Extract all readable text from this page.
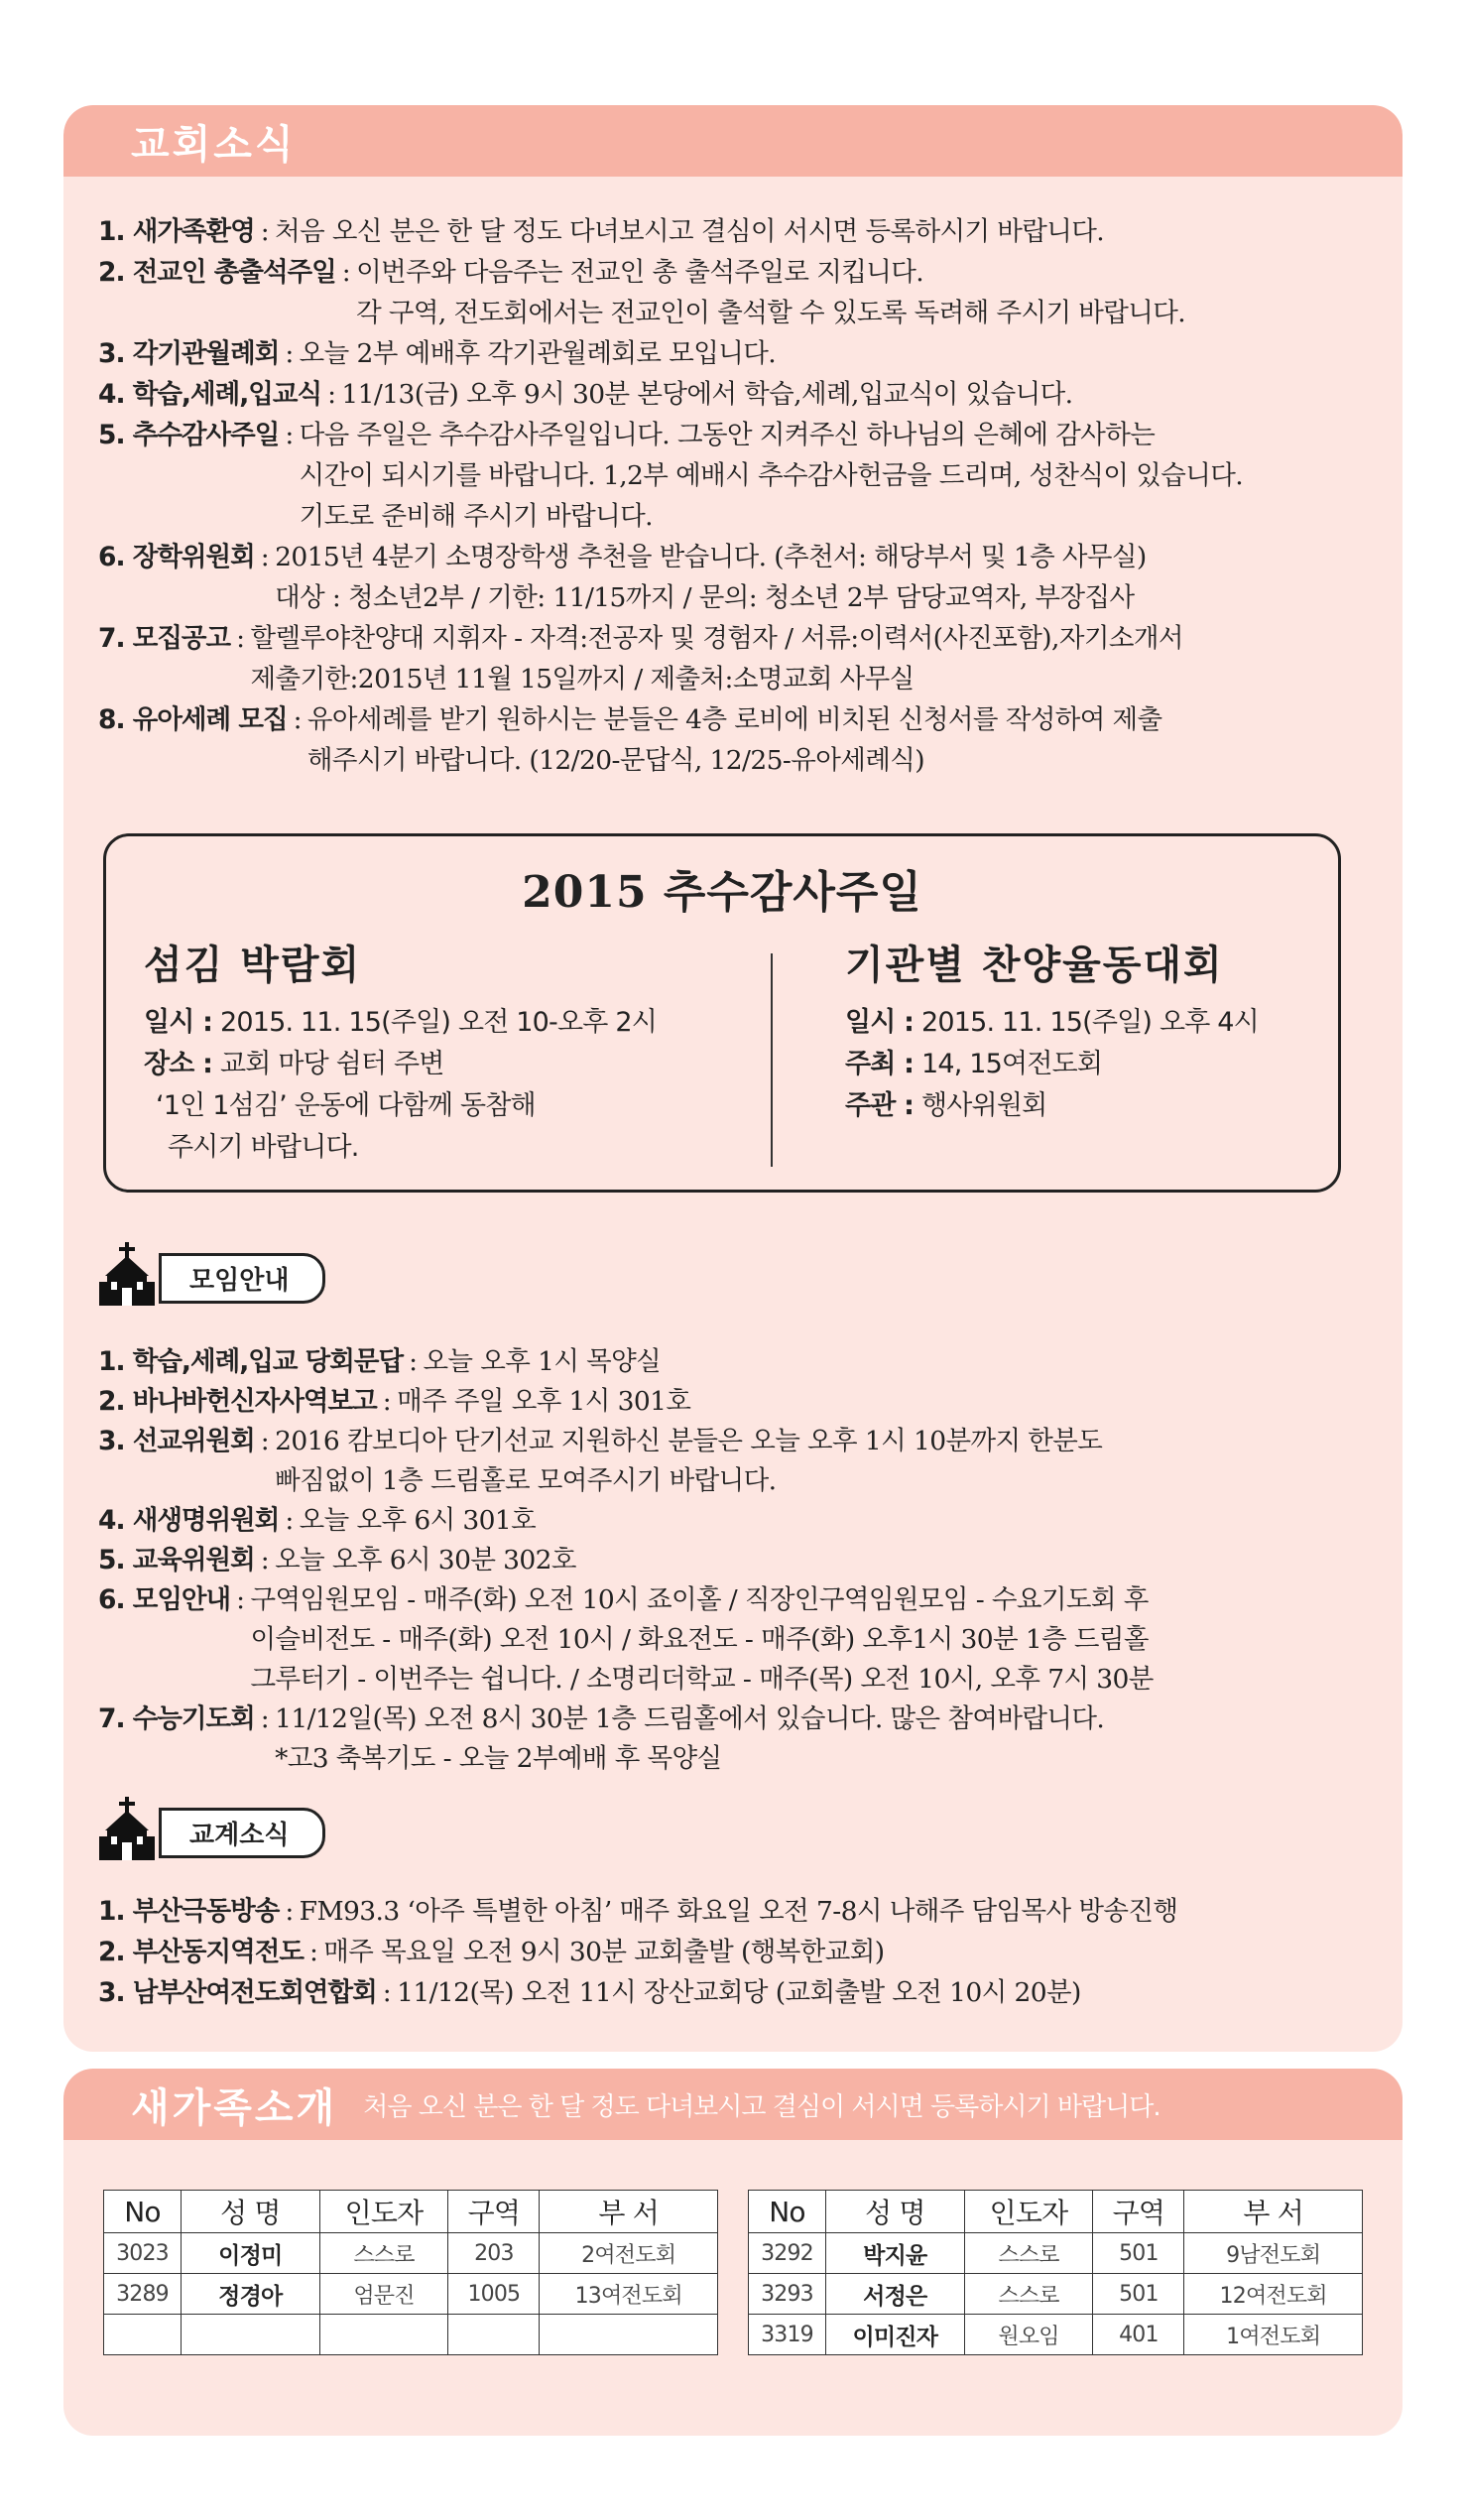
교회소식
1. 새가족환영 : 처음 오신 분은 한 달 정도 다녀보시고 결심이 서시면 등록하시기 바랍니다.
2. 전교인 총출석주일 : 이번주와 다음주는 전교인 총 출석주일로 지킵니다.
각 구역, 전도회에서는 전교인이 출석할 수 있도록 독려해 주시기 바랍니다.
3. 각기관월례회 : 오늘 2부 예배후 각기관월례회로 모입니다.
4. 학습,세례,입교식 : 11/13(금) 오후 9시 30분 본당에서 학습,세례,입교식이 있습니다.
5. 추수감사주일 : 다음 주일은 추수감사주일입니다. 그동안 지켜주신 하나님의 은혜에 감사하는
시간이 되시기를 바랍니다. 1,2부 예배시 추수감사헌금을 드리며, 성찬식이 있습니다.
기도로 준비해 주시기 바랍니다.
6. 장학위원회 : 2015년 4분기 소명장학생 추천을 받습니다. (추천서: 해당부서 및 1층 사무실)
대상 : 청소년2부 / 기한: 11/15까지 / 문의: 청소년 2부 담당교역자, 부장집사
7. 모집공고 : 할렐루야찬양대 지휘자 - 자격:전공자 및 경험자 / 서류:이력서(사진포함),자기소개서
제출기한:2015년 11월 15일까지 / 제출처:소명교회 사무실
8. 유아세례 모집 : 유아세례를 받기 원하시는 분들은 4층 로비에 비치된 신청서를 작성하여 제출
해주시기 바랍니다. (12/20-문답식, 12/25-유아세례식)
2015 추수감사주일
섬김 박람회
일시 : 2015. 11. 15(주일) 오전 10-오후 2시
장소 : 교회 마당 쉼터 주변
‘1인 1섬김’ 운동에 다함께 동참해
주시기 바랍니다.
기관별 찬양율동대회
일시 : 2015. 11. 15(주일) 오후 4시
주최 : 14, 15여전도회
주관 : 행사위원회
모임안내
1. 학습,세례,입교 당회문답 : 오늘 오후 1시 목양실
2. 바나바헌신자사역보고 : 매주 주일 오후 1시 301호
3. 선교위원회 : 2016 캄보디아 단기선교 지원하신 분들은 오늘 오후 1시 10분까지 한분도
빠짐없이 1층 드림홀로 모여주시기 바랍니다.
4. 새생명위원회 : 오늘 오후 6시 301호
5. 교육위원회 : 오늘 오후 6시 30분 302호
6. 모임안내 : 구역임원모임 - 매주(화) 오전 10시 죠이홀 / 직장인구역임원모임 - 수요기도회 후
이슬비전도 - 매주(화) 오전 10시 / 화요전도 - 매주(화) 오후1시 30분 1층 드림홀
그루터기 - 이번주는 쉽니다. / 소명리더학교 - 매주(목) 오전 10시, 오후 7시 30분
7. 수능기도회 : 11/12일(목) 오전 8시 30분 1층 드림홀에서 있습니다. 많은 참여바랍니다.
*고3 축복기도 - 오늘 2부예배 후 목양실
교계소식
1. 부산극동방송 : FM93.3 ‘아주 특별한 아침’ 매주 화요일 오전 7-8시 나해주 담임목사 방송진행
2. 부산동지역전도 : 매주 목요일 오전 9시 30분 교회출발 (행복한교회)
3. 남부산여전도회연합회 : 11/12(목) 오전 11시 장산교회당 (교회출발 오전 10시 20분)
새가족소개 처음 오신 분은 한 달 정도 다녀보시고 결심이 서시면 등록하시기 바랍니다.
No	성 명	인도자	구역	부 서
3023	이정미	스스로	203	2여전도회
3289	정경아	엄문진	1005	13여전도회

No	성 명	인도자	구역	부 서
3292	박지윤	스스로	501	9남전도회
3293	서정은	스스로	501	12여전도회
3319	이미진자	원오임	401	1여전도회
